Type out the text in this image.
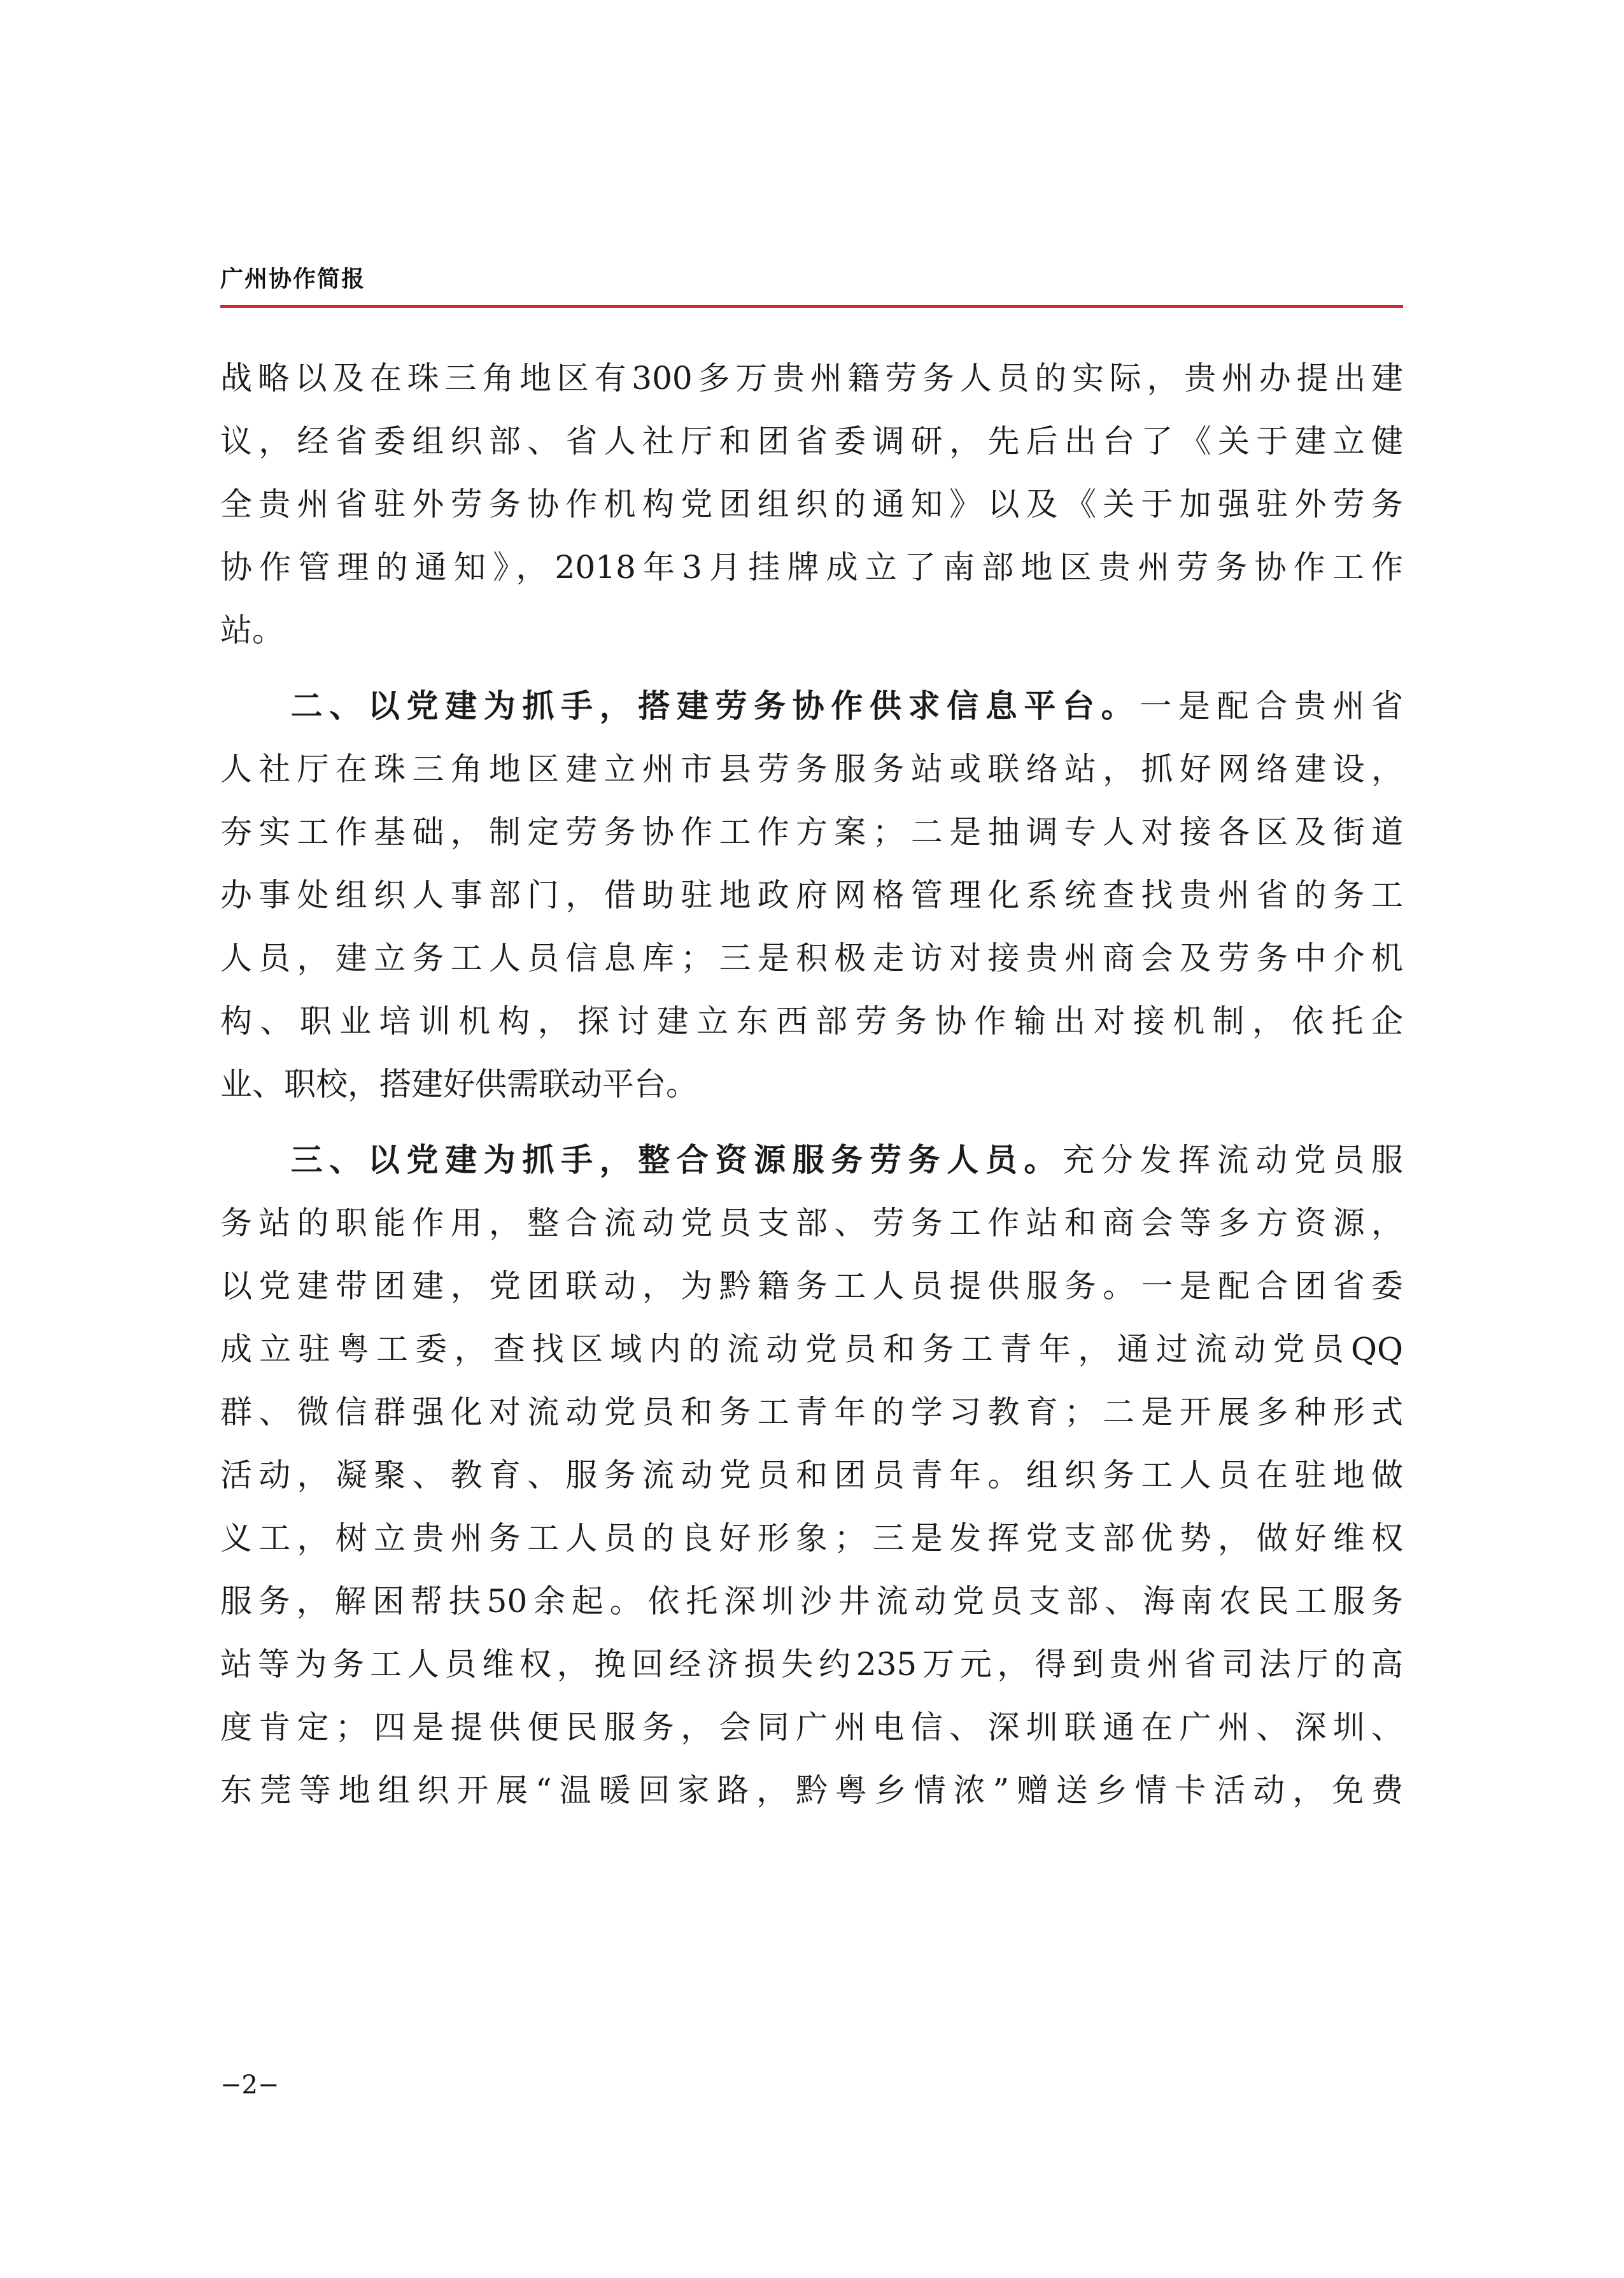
广州协作简报
战略以及在珠三角地区有300多万贵州籍劳务人员的实际，贵州办提出建
议，经省委组织部、省人社厅和团省委调研，先后出台了《关于建立健
全贵州省驻外劳务协作机构党团组织的通知》以及《关于加强驻外劳务
协作管理的通知》，2018年3月挂牌成立了南部地区贵州劳务协作工作
站。
二、以党建为抓手，搭建劳务协作供求信息平台。一是配合贵州省
人社厅在珠三角地区建立州市县劳务服务站或联络站，抓好网络建设，
夯实工作基础，制定劳务协作工作方案；二是抽调专人对接各区及街道
办事处组织人事部门，借助驻地政府网格管理化系统查找贵州省的务工
人员，建立务工人员信息库；三是积极走访对接贵州商会及劳务中介机
构、职业培训机构，探讨建立东西部劳务协作输出对接机制，依托企
业、职校，搭建好供需联动平台。
三、以党建为抓手，整合资源服务劳务人员。充分发挥流动党员服
务站的职能作用，整合流动党员支部、劳务工作站和商会等多方资源，
以党建带团建，党团联动，为黔籍务工人员提供服务。一是配合团省委
成立驻粤工委，查找区域内的流动党员和务工青年，通过流动党员QQ
群、微信群强化对流动党员和务工青年的学习教育；二是开展多种形式
活动，凝聚、教育、服务流动党员和团员青年。组织务工人员在驻地做
义工，树立贵州务工人员的良好形象；三是发挥党支部优势，做好维权
服务，解困帮扶50余起。依托深圳沙井流动党员支部、海南农民工服务
站等为务工人员维权，挽回经济损失约235万元，得到贵州省司法厅的高
度肯定；四是提供便民服务，会同广州电信、深圳联通在广州、深圳、
东莞等地组织开展“温暖回家路，黔粤乡情浓”赠送乡情卡活动，免费
−2−
